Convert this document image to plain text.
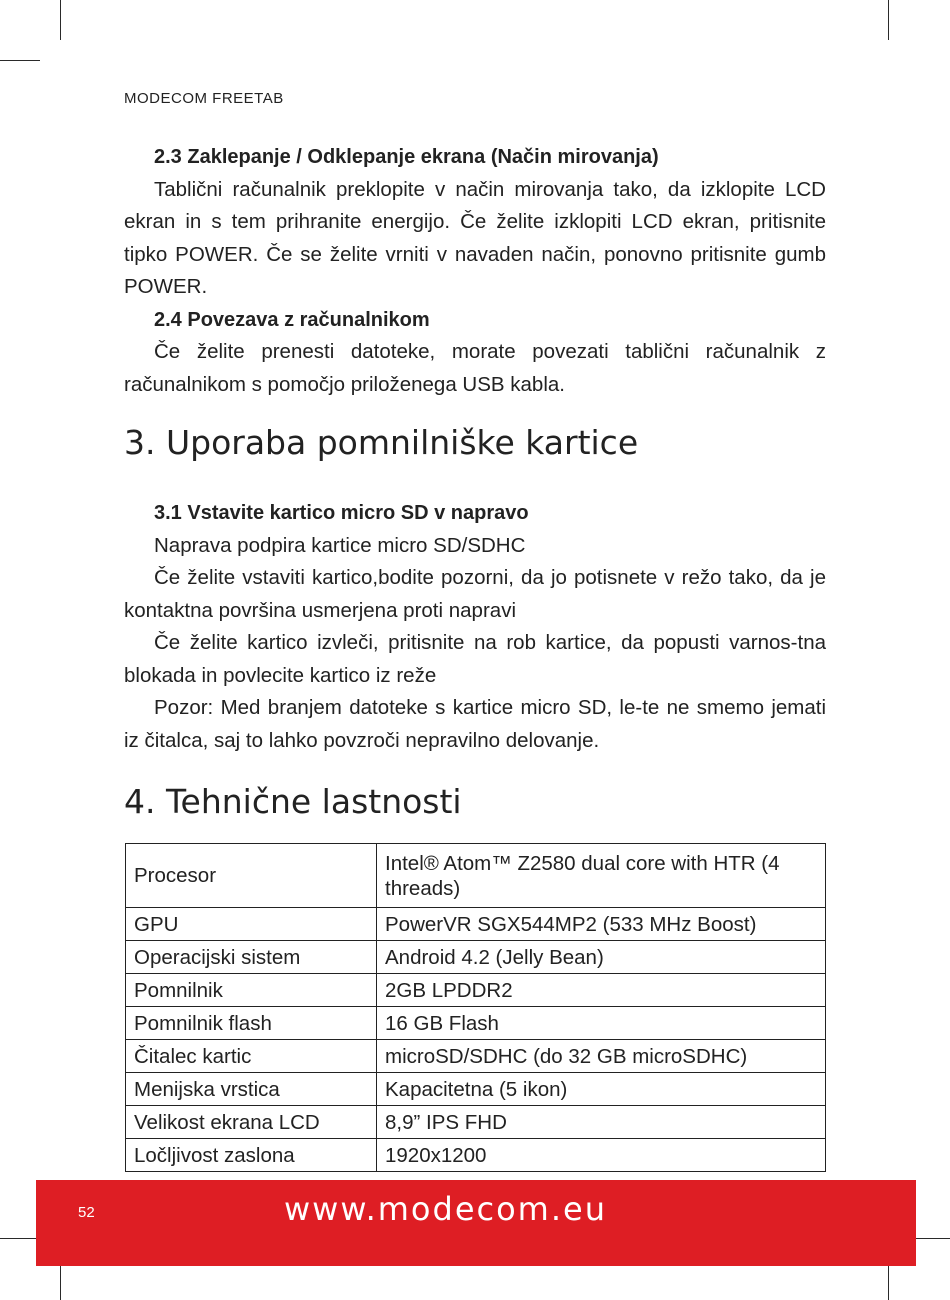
MODECOM FREETAB

2.3 Zaklepanje / Odklepanje ekrana (Način mirovanja)

Tablični računalnik preklopite v način mirovanja tako, da izklopite LCD ekran in s tem prihranite energijo. Če želite izklopiti LCD ekran, pritisnite tipko POWER. Če se želite vrniti v navaden način, ponovno pritisnite gumb POWER.

2.4 Povezava z računalnikom

Če želite prenesti datoteke, morate povezati tablični računalnik z računalnikom s pomočjo priloženega USB kabla.

3. Uporaba pomnilniške kartice

3.1 Vstavite kartico micro SD v napravo

Naprava podpira kartice micro SD/SDHC

Če želite vstaviti kartico,bodite pozorni, da jo potisnete v režo tako, da je kontaktna površina usmerjena proti napravi

Če želite kartico izvleči, pritisnite na rob kartice, da popusti varnos-tna blokada in povlecite kartico iz reže

Pozor: Med branjem datoteke s kartice micro SD, le-te ne smemo jemati iz čitalca, saj to lahko povzroči nepravilno delovanje.

4. Tehnične lastnosti
Procesor	Intel® Atom™ Z2580 dual core with HTR (4 threads)
GPU	PowerVR SGX544MP2 (533 MHz Boost)
Operacijski sistem	Android 4.2 (Jelly Bean)
Pomnilnik	2GB LPDDR2
Pomnilnik flash	16 GB Flash
Čitalec kartic	microSD/SDHC (do 32 GB microSDHC)
Menijska vrstica	Kapacitetna (5 ikon)
Velikost ekrana LCD	8,9” IPS FHD
Ločljivost zaslona	1920x1200
52	www.modecom.eu
